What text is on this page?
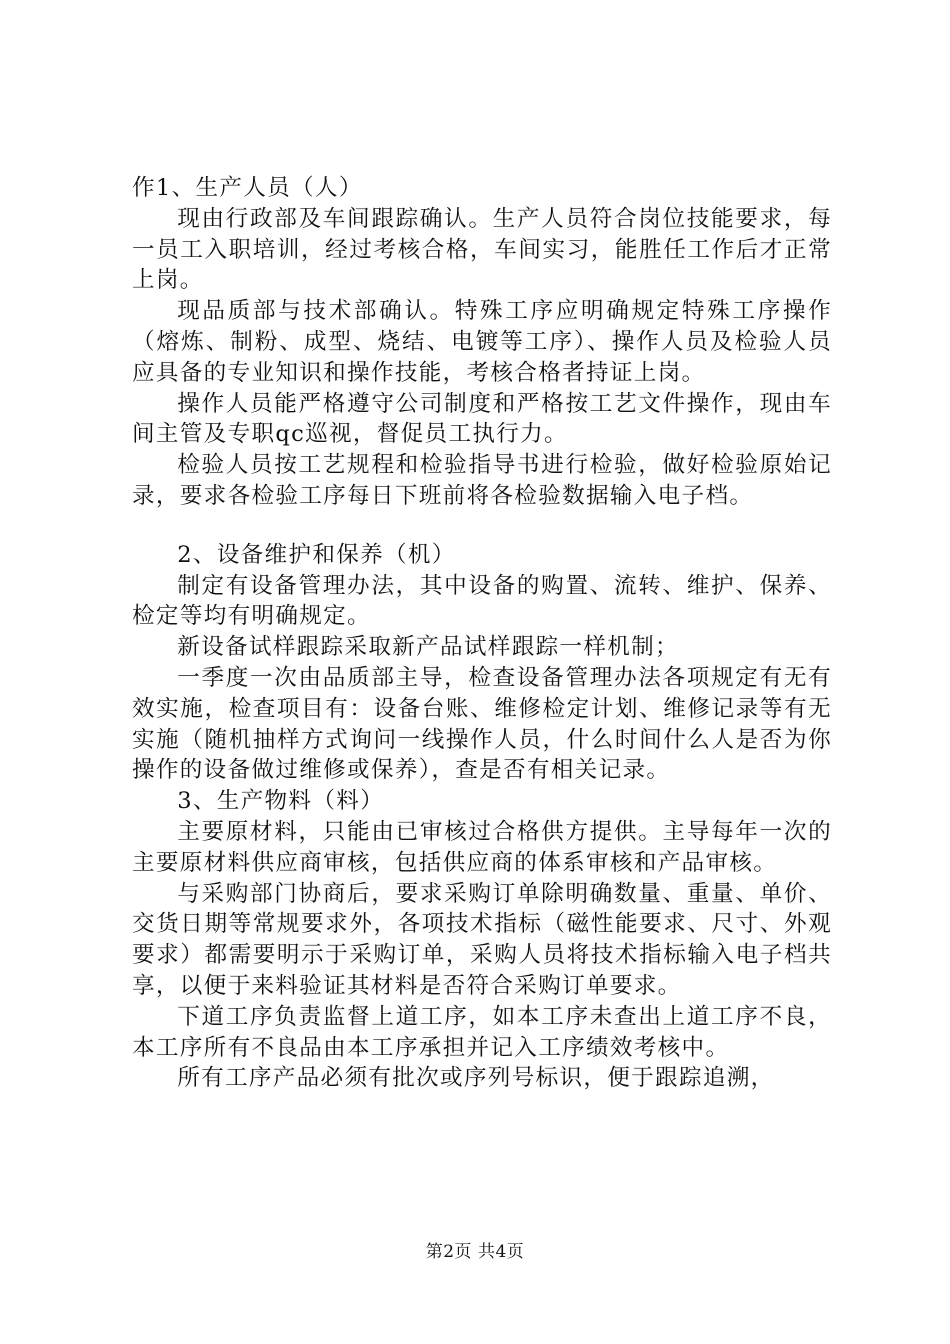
作1、生产人员（人）

现由行政部及车间跟踪确认。生产人员符合岗位技能要求，每一员工入职培训，经过考核合格，车间实习，能胜任工作后才正常上岗。

现品质部与技术部确认。特殊工序应明确规定特殊工序操作（熔炼、制粉、成型、烧结、电镀等工序）、操作人员及检验人员应具备的专业知识和操作技能，考核合格者持证上岗。

操作人员能严格遵守公司制度和严格按工艺文件操作，现由车间主管及专职qc巡视，督促员工执行力。

检验人员按工艺规程和检验指导书进行检验，做好检验原始记录，要求各检验工序每日下班前将各检验数据输入电子档。

2、设备维护和保养（机）

制定有设备管理办法，其中设备的购置、流转、维护、保养、检定等均有明确规定。

新设备试样跟踪采取新产品试样跟踪一样机制；

一季度一次由品质部主导，检查设备管理办法各项规定有无有效实施，检查项目有：设备台账、维修检定计划、维修记录等有无实施（随机抽样方式询问一线操作人员，什么时间什么人是否为你操作的设备做过维修或保养），查是否有相关记录。

3、生产物料（料）

主要原材料，只能由已审核过合格供方提供。主导每年一次的主要原材料供应商审核，包括供应商的体系审核和产品审核。

与采购部门协商后，要求采购订单除明确数量、重量、单价、交货日期等常规要求外，各项技术指标（磁性能要求、尺寸、外观要求）都需要明示于采购订单，采购人员将技术指标输入电子档共享，以便于来料验证其材料是否符合采购订单要求。

下道工序负责监督上道工序，如本工序未查出上道工序不良，本工序所有不良品由本工序承担并记入工序绩效考核中。

所有工序产品必须有批次或序列号标识，便于跟踪追溯，

第2页 共4页
